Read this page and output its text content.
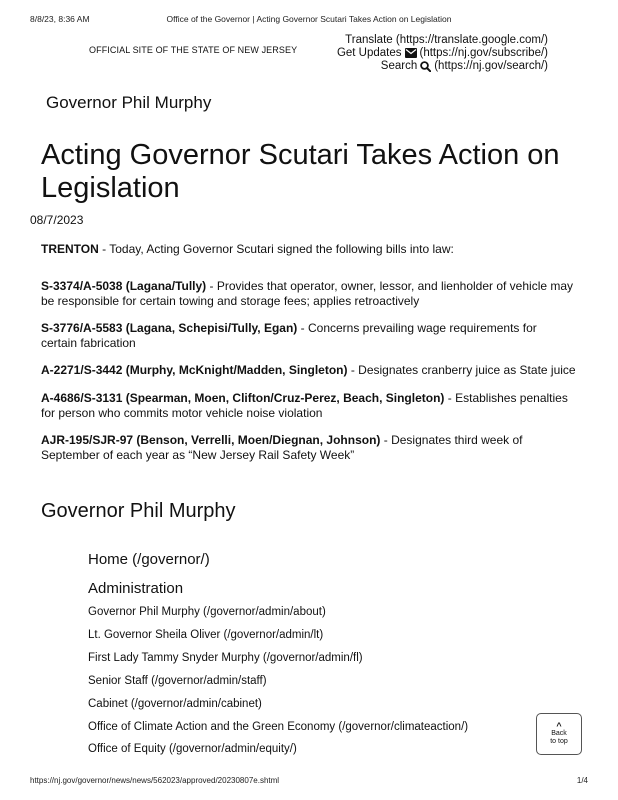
8/8/23, 8:36 AM	Office of the Governor | Acting Governor Scutari Takes Action on Legislation
OFFICIAL SITE OF THE STATE OF NEW JERSEY
Translate (https://translate.google.com/)
Get Updates (https://nj.gov/subscribe/)
Search (https://nj.gov/search/)
Governor Phil Murphy
Acting Governor Scutari Takes Action on Legislation
08/7/2023
TRENTON - Today, Acting Governor Scutari signed the following bills into law:
S-3374/A-5038 (Lagana/Tully) - Provides that operator, owner, lessor, and lienholder of vehicle may be responsible for certain towing and storage fees; applies retroactively
S-3776/A-5583 (Lagana, Schepisi/Tully, Egan) - Concerns prevailing wage requirements for certain fabrication
A-2271/S-3442 (Murphy, McKnight/Madden, Singleton) - Designates cranberry juice as State juice
A-4686/S-3131 (Spearman, Moen, Clifton/Cruz-Perez, Beach, Singleton) - Establishes penalties for person who commits motor vehicle noise violation
AJR-195/SJR-97 (Benson, Verrelli, Moen/Diegnan, Johnson) - Designates third week of September of each year as “New Jersey Rail Safety Week”
Governor Phil Murphy
Home (/governor/)
Administration
Governor Phil Murphy (/governor/admin/about)
Lt. Governor Sheila Oliver (/governor/admin/lt)
First Lady Tammy Snyder Murphy (/governor/admin/fl)
Senior Staff (/governor/admin/staff)
Cabinet (/governor/admin/cabinet)
Office of Climate Action and the Green Economy (/governor/climateaction/)
Office of Equity (/governor/admin/equity/)
^
Back
to top
https://nj.gov/governor/news/news/562023/approved/20230807e.shtml	1/4
